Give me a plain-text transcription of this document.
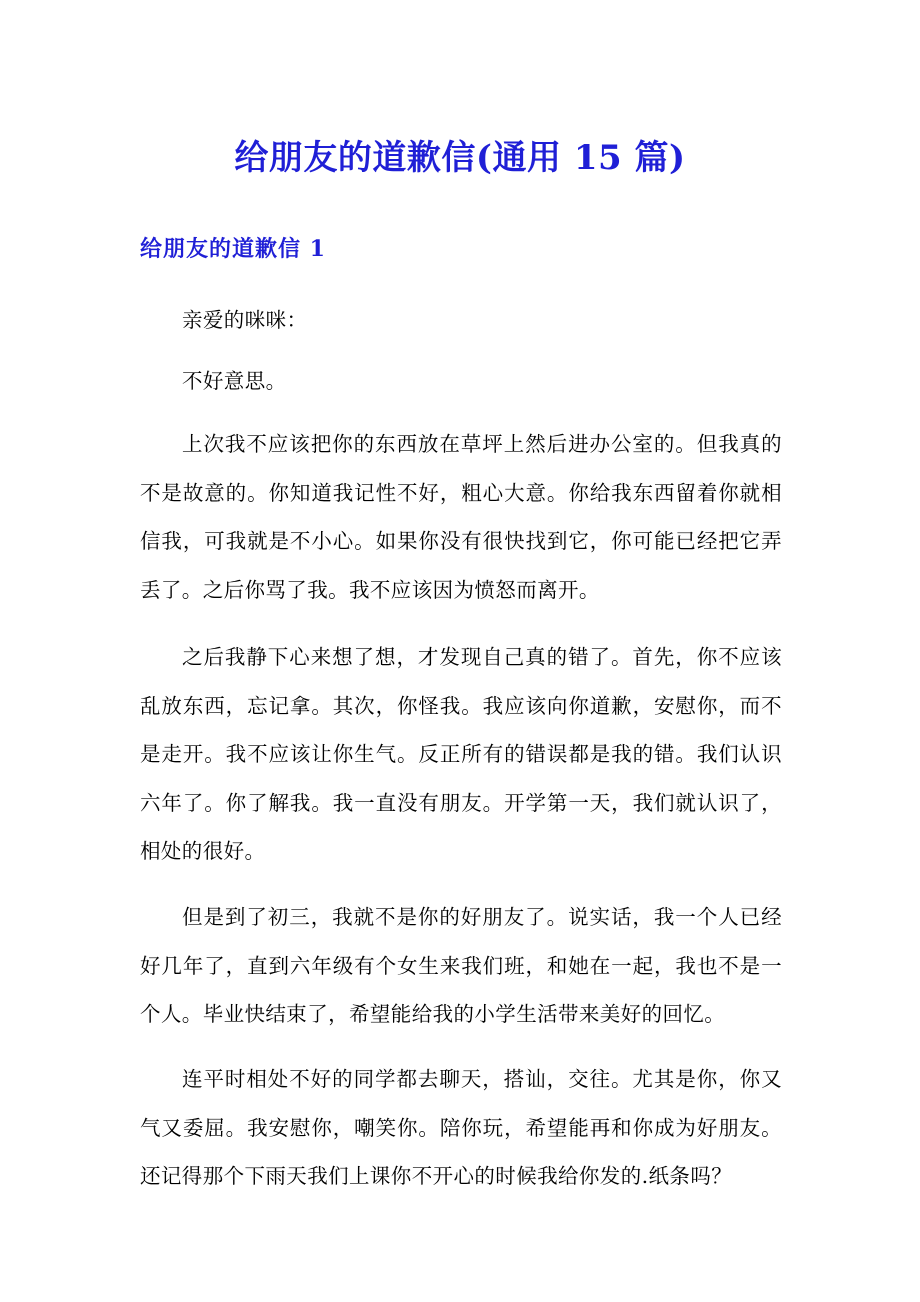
给朋友的道歉信(通用 15 篇)
给朋友的道歉信 1

亲爱的咪咪：

不好意思。

上次我不应该把你的东西放在草坪上然后进办公室的。但我真的不是故意的。你知道我记性不好，粗心大意。你给我东西留着你就相信我，可我就是不小心。如果你没有很快找到它，你可能已经把它弄丢了。之后你骂了我。我不应该因为愤怒而离开。

之后我静下心来想了想，才发现自己真的错了。首先，你不应该乱放东西，忘记拿。其次，你怪我。我应该向你道歉，安慰你，而不是走开。我不应该让你生气。反正所有的错误都是我的错。我们认识六年了。你了解我。我一直没有朋友。开学第一天，我们就认识了，相处的很好。

但是到了初三，我就不是你的好朋友了。说实话，我一个人已经好几年了，直到六年级有个女生来我们班，和她在一起，我也不是一个人。毕业快结束了，希望能给我的小学生活带来美好的回忆。

连平时相处不好的同学都去聊天，搭讪，交往。尤其是你，你又气又委屈。我安慰你，嘲笑你。陪你玩，希望能再和你成为好朋友。还记得那个下雨天我们上课你不开心的时候我给你发的.纸条吗？
